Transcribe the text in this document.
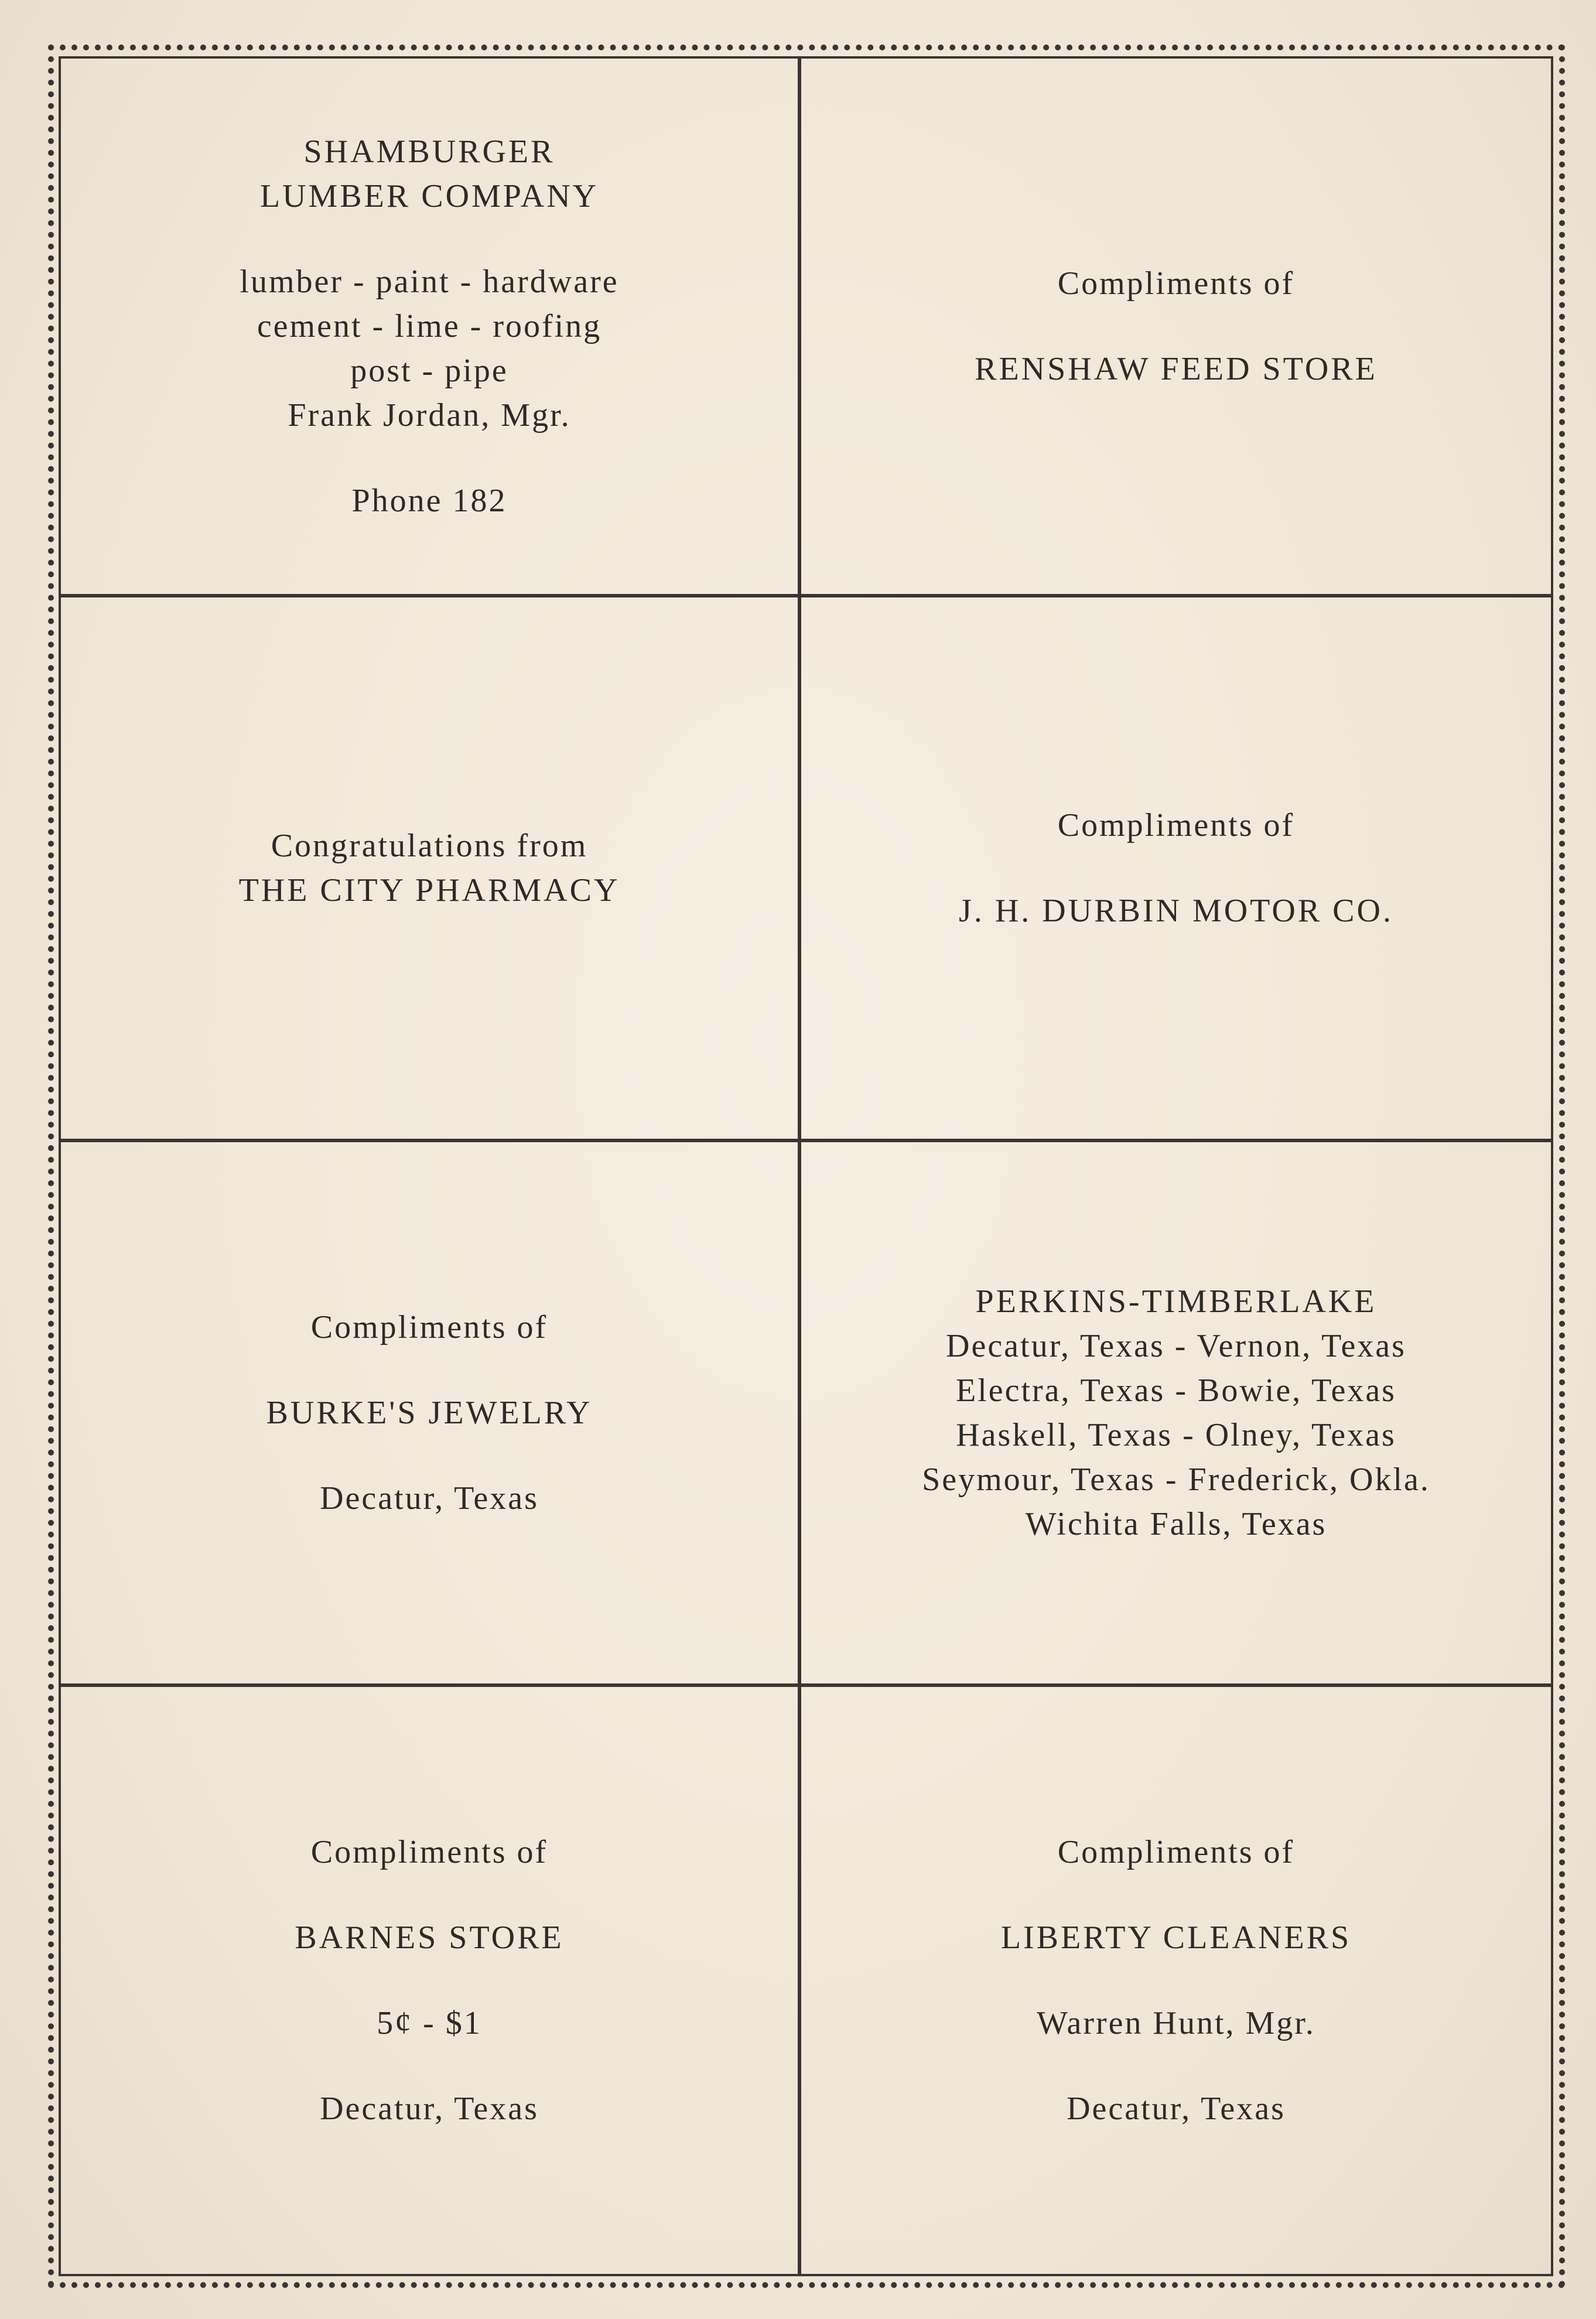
SHAMBURGER
LUMBER COMPANY
lumber - paint - hardware
cement - lime - roofing
post - pipe
Frank Jordan, Mgr.
Phone 182
Compliments of
RENSHAW FEED STORE
Congratulations from
THE CITY PHARMACY
Compliments of
J. H. DURBIN MOTOR CO.
Compliments of
BURKE'S JEWELRY
Decatur, Texas
PERKINS-TIMBERLAKE
Decatur, Texas - Vernon, Texas
Electra, Texas - Bowie, Texas
Haskell, Texas - Olney, Texas
Seymour, Texas - Frederick, Okla.
Wichita Falls, Texas
Compliments of
BARNES STORE
5¢ - $1
Decatur, Texas
Compliments of
LIBERTY CLEANERS
Warren Hunt, Mgr.
Decatur, Texas
